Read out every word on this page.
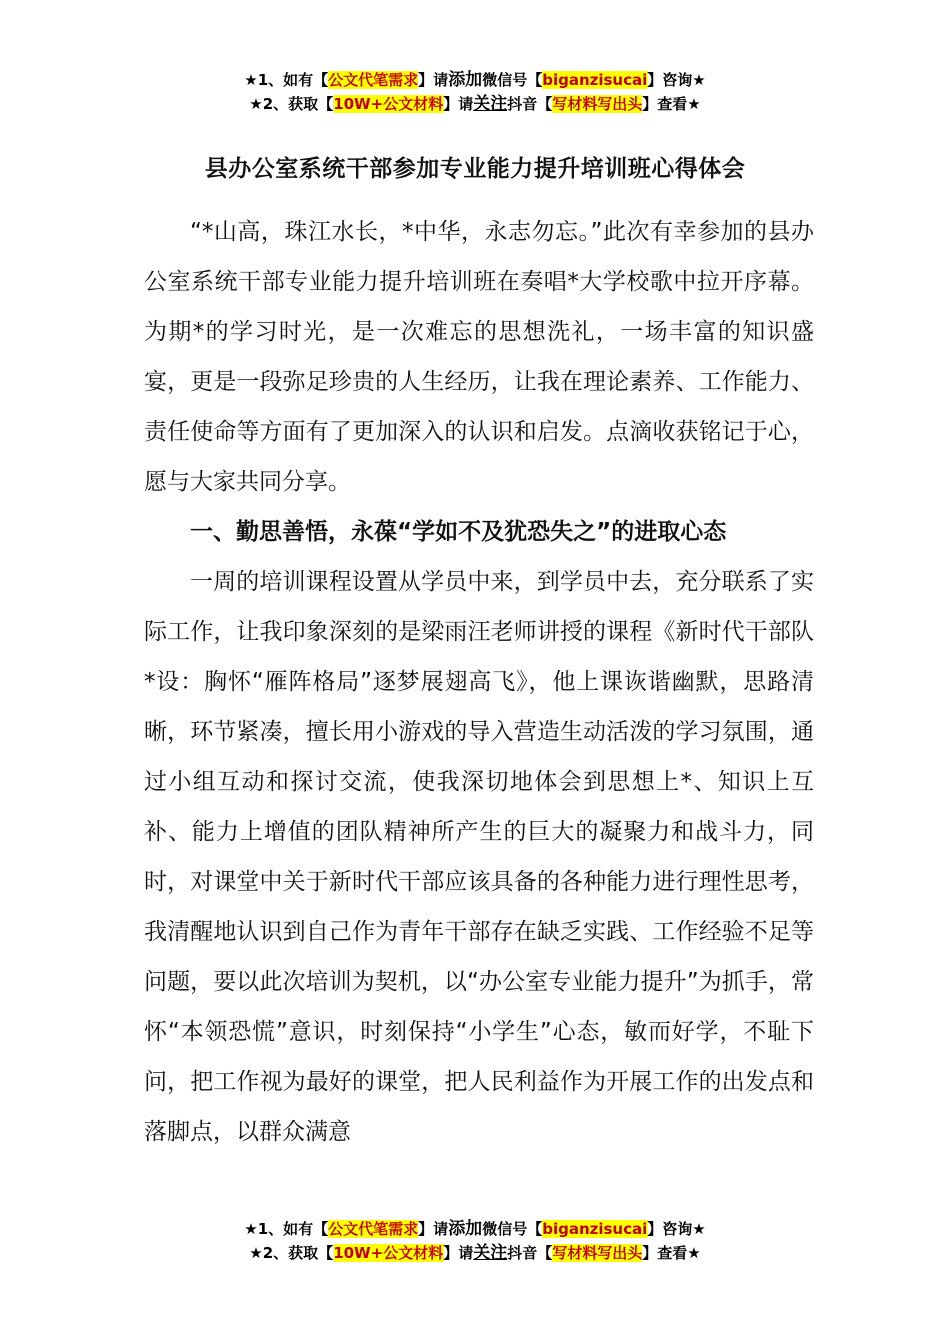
★1、如有【公文代笔需求】请添加微信号【biganzisucai】咨询★
★2、获取【10W+公文材料】请关注抖音【写材料写出头】查看★
县办公室系统干部参加专业能力提升培训班心得体会

“*山高，珠江水长，*中华，永志勿忘。”此次有幸参加的县办公室系统干部专业能力提升培训班在奏唱*大学校歌中拉开序幕。为期*的学习时光，是一次难忘的思想洗礼，一场丰富的知识盛宴，更是一段弥足珍贵的人生经历，让我在理论素养、工作能力、责任使命等方面有了更加深入的认识和启发。点滴收获铭记于心，愿与大家共同分享。

一、勤思善悟，永葆“学如不及犹恐失之”的进取心态

一周的培训课程设置从学员中来，到学员中去，充分联系了实际工作，让我印象深刻的是梁雨汪老师讲授的课程《新时代干部队*设：胸怀“雁阵格局”逐梦展翅高飞》，他上课诙谐幽默，思路清晰，环节紧凑，擅长用小游戏的导入营造生动活泼的学习氛围，通过小组互动和探讨交流，使我深切地体会到思想上*、知识上互补、能力上增值的团队精神所产生的巨大的凝聚力和战斗力，同时，对课堂中关于新时代干部应该具备的各种能力进行理性思考，我清醒地认识到自己作为青年干部存在缺乏实践、工作经验不足等问题，要以此次培训为契机，以“办公室专业能力提升”为抓手，常怀“本领恐慌”意识，时刻保持“小学生”心态，敏而好学，不耻下问，把工作视为最好的课堂，把人民利益作为开展工作的出发点和落脚点，以群众满意

★1、如有【公文代笔需求】请添加微信号【biganzisucai】咨询★
★2、获取【10W+公文材料】请关注抖音【写材料写出头】查看★
